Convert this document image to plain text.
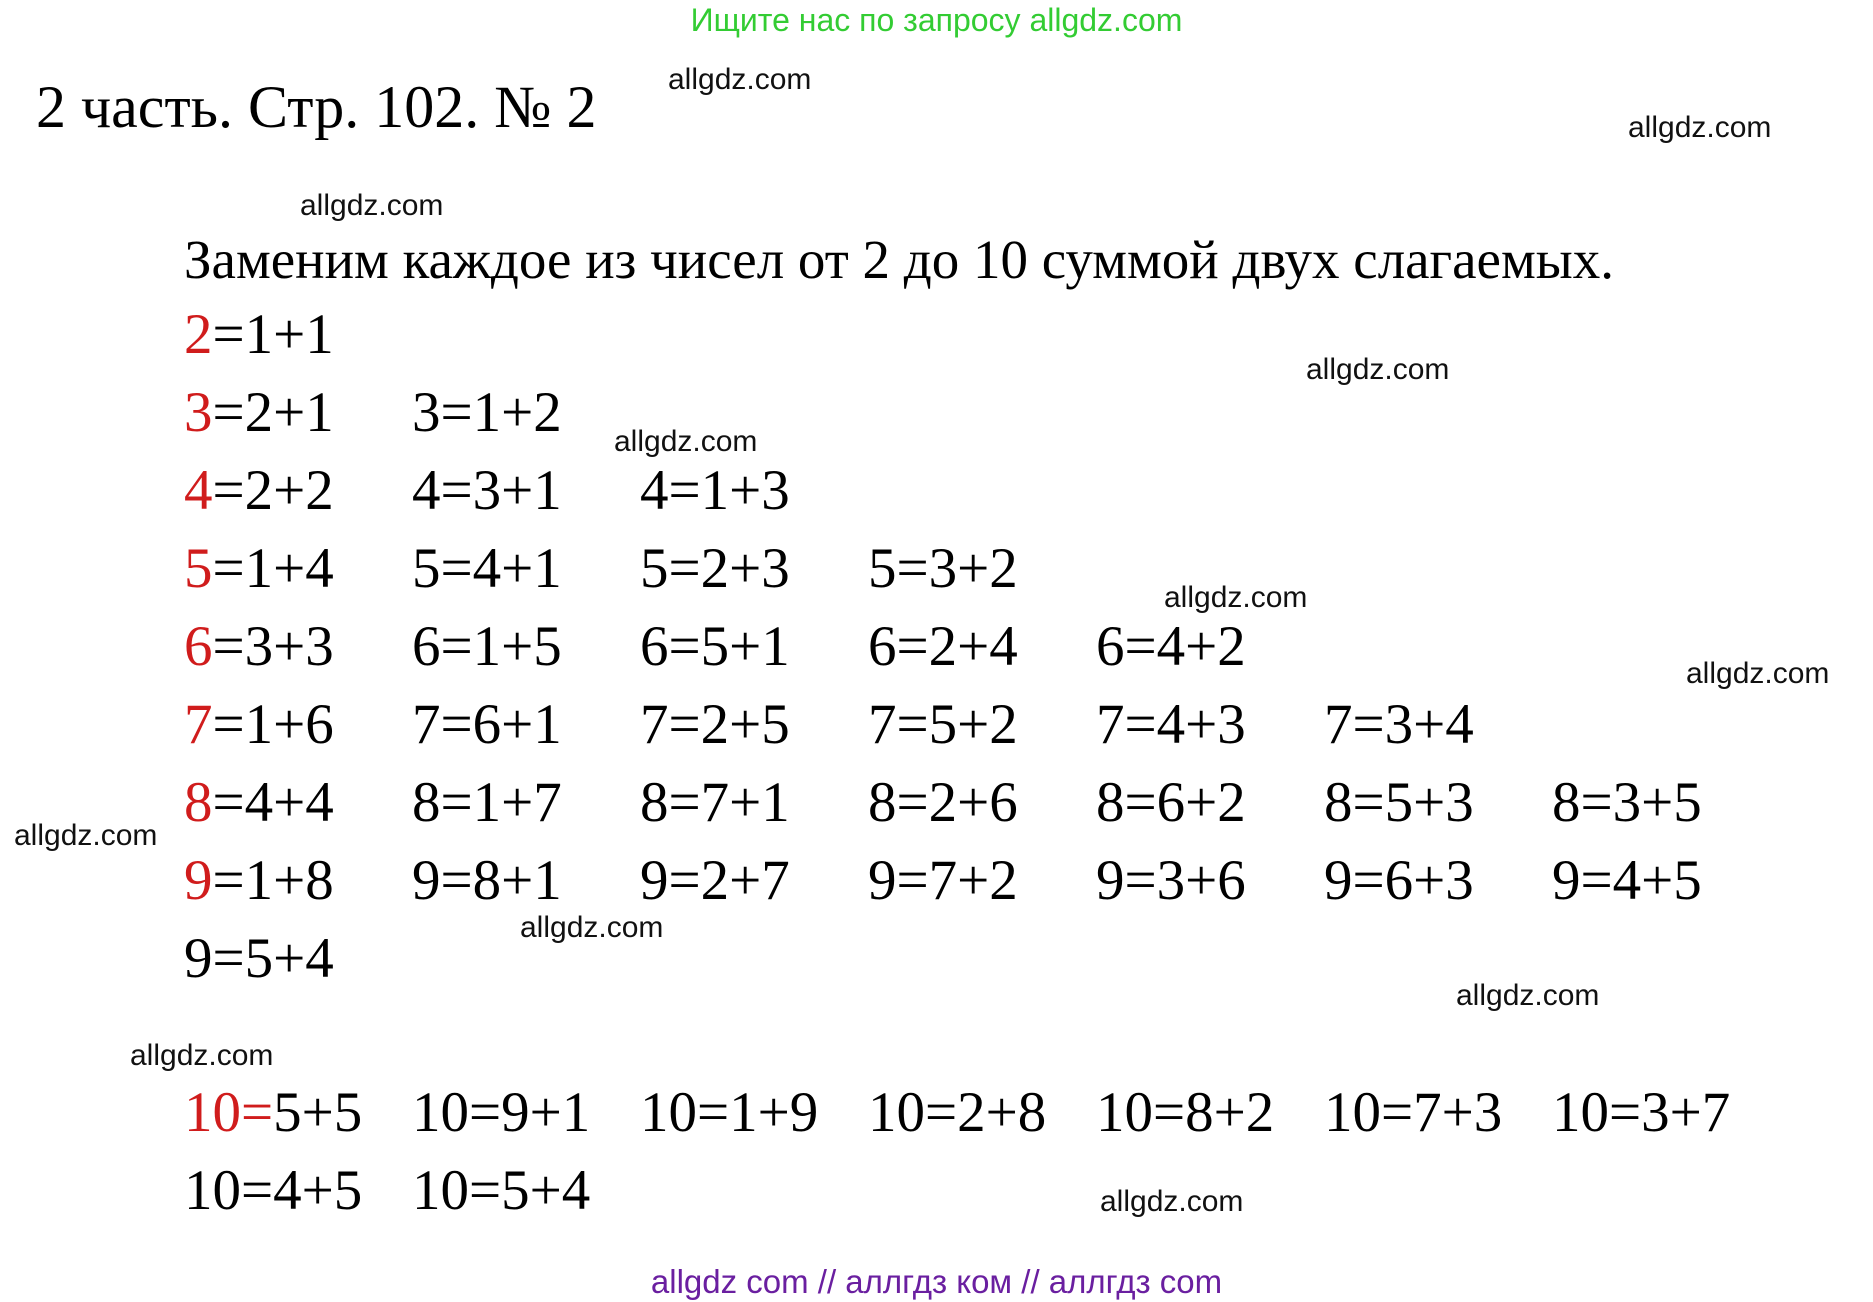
Ищите нас по запросу allgdz.com
2 часть. Стр. 102. № 2
Заменим каждое из чисел от 2 до 10 суммой двух слагаемых.
2=1+1
3=2+1 3=1+2
4=2+2 4=3+1 4=1+3
5=1+4 5=4+1 5=2+3 5=3+2
6=3+3 6=1+5 6=5+1 6=2+4 6=4+2
7=1+6 7=6+1 7=2+5 7=5+2 7=4+3 7=3+4
8=4+4 8=1+7 8=7+1 8=2+6 8=6+2 8=5+3 8=3+5
9=1+8 9=8+1 9=2+7 9=7+2 9=3+6 9=6+3 9=4+5
9=5+4
10=5+5 10=9+1 10=1+9 10=2+8 10=8+2 10=7+3 10=3+7
10=4+5 10=5+4
allgdz.com
allgdz.com
allgdz.com
allgdz.com
allgdz.com
allgdz.com
allgdz.com
allgdz.com
allgdz.com
allgdz.com
allgdz.com
allgdz.com
allgdz com // аллгдз ком // аллгдз com
